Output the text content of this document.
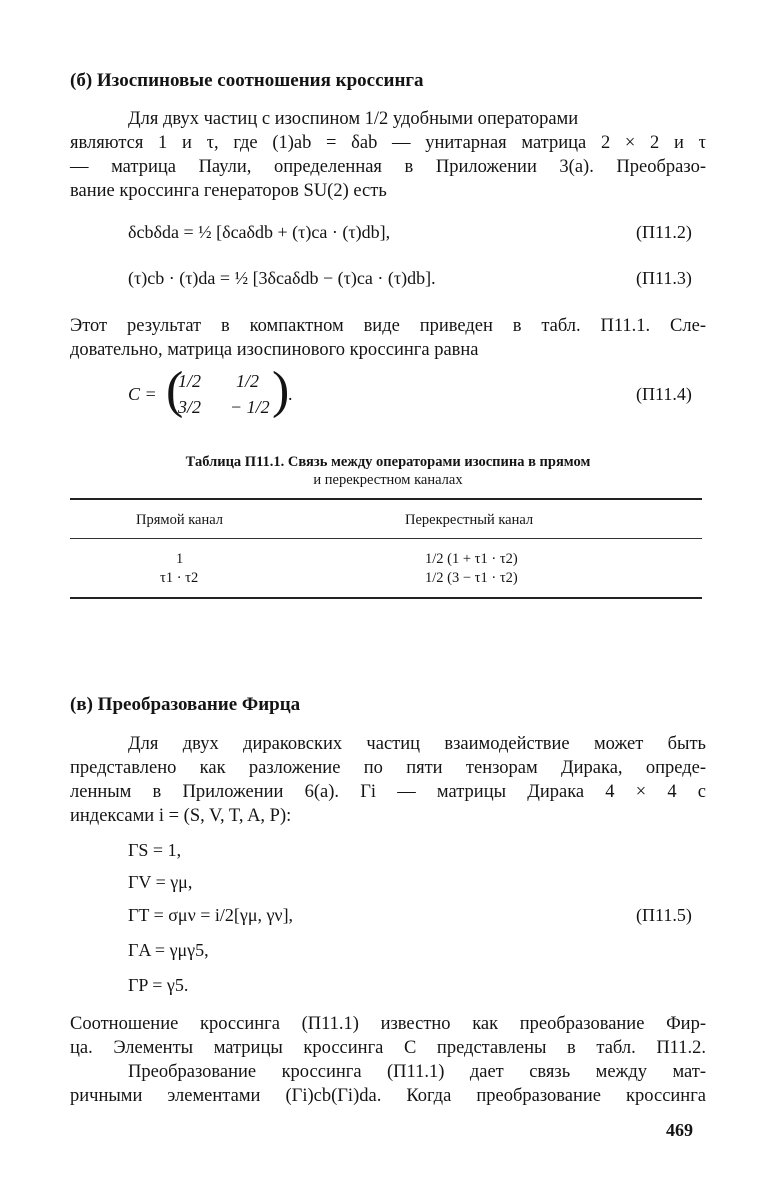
(б) Изоспиновые соотношения кроссинга
Для двух частиц с изоспином 1/2 удобными операторами
являются 1 и τ, где (1)ab = δab — унитарная матрица 2 × 2 и τ
— матрица Паули, определенная в Приложении 3(а). Преобразо-
вание кроссинга генераторов SU(2) есть
δcbδda = ½ [δcaδdb + (τ)ca · (τ)db],	(П11.2)
(τ)cb · (τ)da = ½ [3δcaδdb − (τ)ca · (τ)db].	(П11.3)
Этот результат в компактном виде приведен в табл. П11.1. Сле-
довательно, матрица изоспинового кроссинга равна
C = (
1/2 1/2
3/2 − 1/2 )
.	(П11.4)
Таблица П11.1. Связь между операторами изоспина в прямом
и перекрестном каналах
Прямой канал	Перекрестный канал
1	1/2 (1 + τ1 · τ2)
τ1 · τ2	1/2 (3 − τ1 · τ2)
(в) Преобразование Фирца
Для двух дираковских частиц взаимодействие может быть
представлено как разложение по пяти тензорам Дирака, опреде-
ленным в Приложении 6(а). Γi — матрицы Дирака 4 × 4 с
индексами i = (S, V, T, A, P):
ΓS = 1,
ΓV = γμ,
ΓT = σμν = i/2[γμ, γν],	(П11.5)
ΓA = γμγ5,
ΓP = γ5.
Соотношение кроссинга (П11.1) известно как преобразование Фир-
ца. Элементы матрицы кроссинга C представлены в табл. П11.2.
Преобразование кроссинга (П11.1) дает связь между мат-
ричными элементами (Γi)cb(Γi)da. Когда преобразование кроссинга
469
